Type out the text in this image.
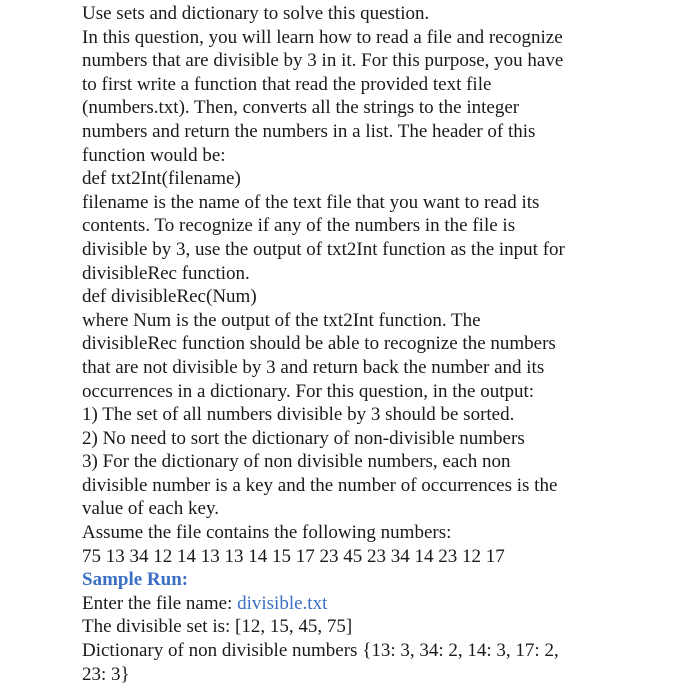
Use sets and dictionary to solve this question.
In this question, you will learn how to read a file and recognize
numbers that are divisible by 3 in it. For this purpose, you have
to first write a function that read the provided text file
(numbers.txt). Then, converts all the strings to the integer
numbers and return the numbers in a list. The header of this
function would be:
def txt2Int(filename)
filename is the name of the text file that you want to read its
contents. To recognize if any of the numbers in the file is
divisible by 3, use the output of txt2Int function as the input for
divisibleRec function.
def divisibleRec(Num)
where Num is the output of the txt2Int function. The
divisibleRec function should be able to recognize the numbers
that are not divisible by 3 and return back the number and its
occurrences in a dictionary. For this question, in the output:
1) The set of all numbers divisible by 3 should be sorted.
2) No need to sort the dictionary of non-divisible numbers
3) For the dictionary of non divisible numbers, each non
divisible number is a key and the number of occurrences is the
value of each key.
Assume the file contains the following numbers:
75 13 34 12 14 13 13 14 15 17 23 45 23 34 14 23 12 17
Sample Run:
Enter the file name: divisible.txt
The divisible set is: [12, 15, 45, 75]
Dictionary of non divisible numbers {13: 3, 34: 2, 14: 3, 17: 2,
23: 3}
